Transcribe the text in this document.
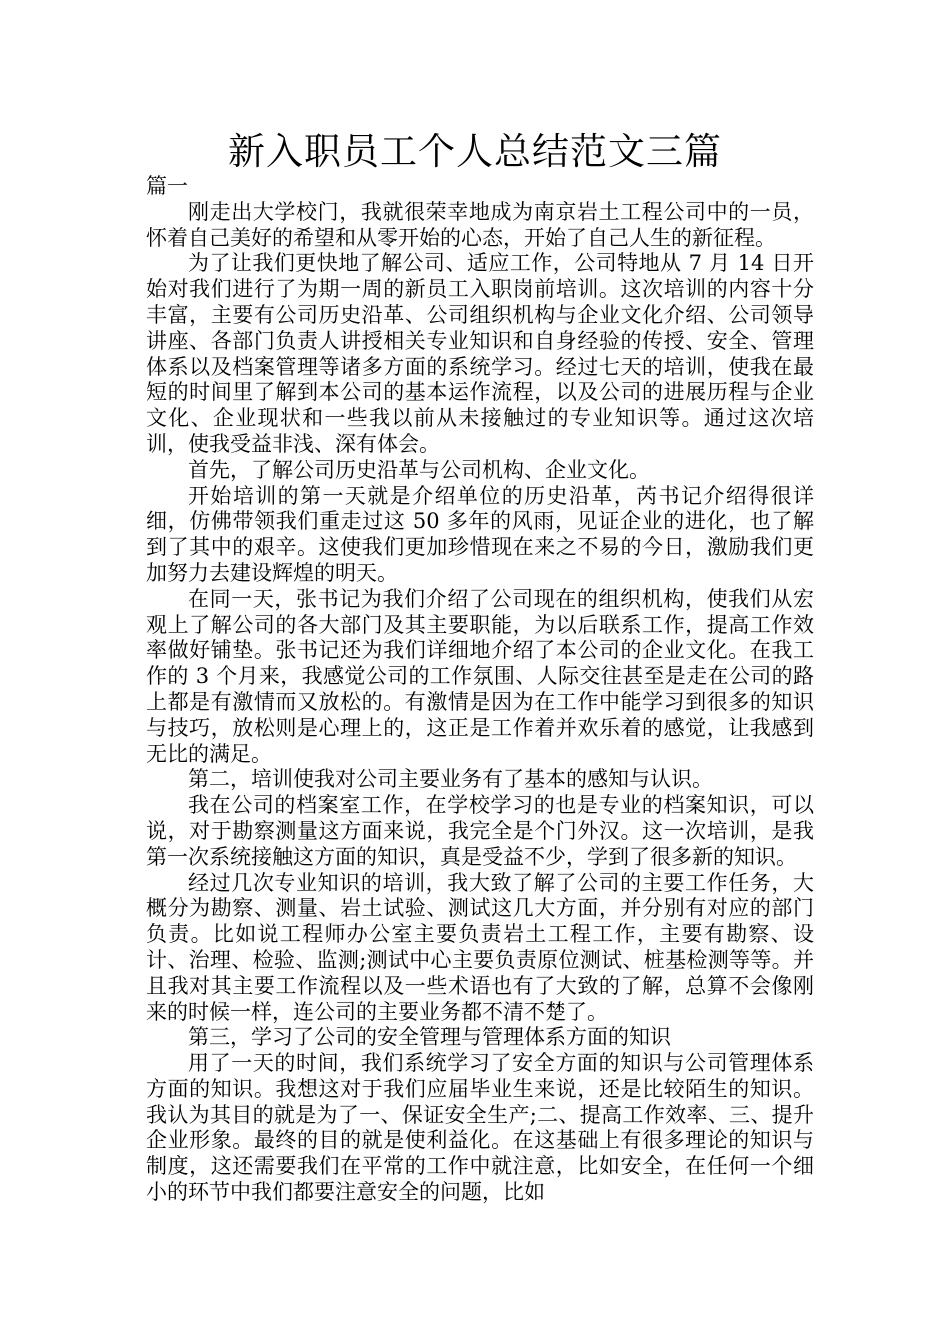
新入职员工个人总结范文三篇

篇一

刚走出大学校门，我就很荣幸地成为南京岩土工程公司中的一员，怀着自己美好的希望和从零开始的心态，开始了自己人生的新征程。

为了让我们更快地了解公司、适应工作，公司特地从 7 月 14 日开始对我们进行了为期一周的新员工入职岗前培训。这次培训的内容十分丰富，主要有公司历史沿革、公司组织机构与企业文化介绍、公司领导讲座、各部门负责人讲授相关专业知识和自身经验的传授、安全、管理体系以及档案管理等诸多方面的系统学习。经过七天的培训，使我在最短的时间里了解到本公司的基本运作流程，以及公司的进展历程与企业文化、企业现状和一些我以前从未接触过的专业知识等。通过这次培训，使我受益非浅、深有体会。

首先，了解公司历史沿革与公司机构、企业文化。

开始培训的第一天就是介绍单位的历史沿革，芮书记介绍得很详细，仿佛带领我们重走过这 50 多年的风雨，见证企业的进化，也了解到了其中的艰辛。这使我们更加珍惜现在来之不易的今日，激励我们更加努力去建设辉煌的明天。

在同一天，张书记为我们介绍了公司现在的组织机构，使我们从宏观上了解公司的各大部门及其主要职能，为以后联系工作，提高工作效率做好铺垫。张书记还为我们详细地介绍了本公司的企业文化。在我工作的 3 个月来，我感觉公司的工作氛围、人际交往甚至是走在公司的路上都是有激情而又放松的。有激情是因为在工作中能学习到很多的知识与技巧，放松则是心理上的，这正是工作着并欢乐着的感觉，让我感到无比的满足。

第二，培训使我对公司主要业务有了基本的感知与认识。

我在公司的档案室工作，在学校学习的也是专业的档案知识，可以说，对于勘察测量这方面来说，我完全是个门外汉。这一次培训，是我第一次系统接触这方面的知识，真是受益不少，学到了很多新的知识。

经过几次专业知识的培训，我大致了解了公司的主要工作任务，大概分为勘察、测量、岩土试验、测试这几大方面，并分别有对应的部门负责。比如说工程师办公室主要负责岩土工程工作，主要有勘察、设计、治理、检验、监测;测试中心主要负责原位测试、桩基检测等等。并且我对其主要工作流程以及一些术语也有了大致的了解，总算不会像刚来的时候一样，连公司的主要业务都不清不楚了。

第三，学习了公司的安全管理与管理体系方面的知识

用了一天的时间，我们系统学习了安全方面的知识与公司管理体系方面的知识。我想这对于我们应届毕业生来说，还是比较陌生的知识。我认为其目的就是为了一、保证安全生产;二、提高工作效率、三、提升企业形象。最终的目的就是使利益化。在这基础上有很多理论的知识与制度，这还需要我们在平常的工作中就注意，比如安全，在任何一个细小的环节中我们都要注意安全的问题，比如
